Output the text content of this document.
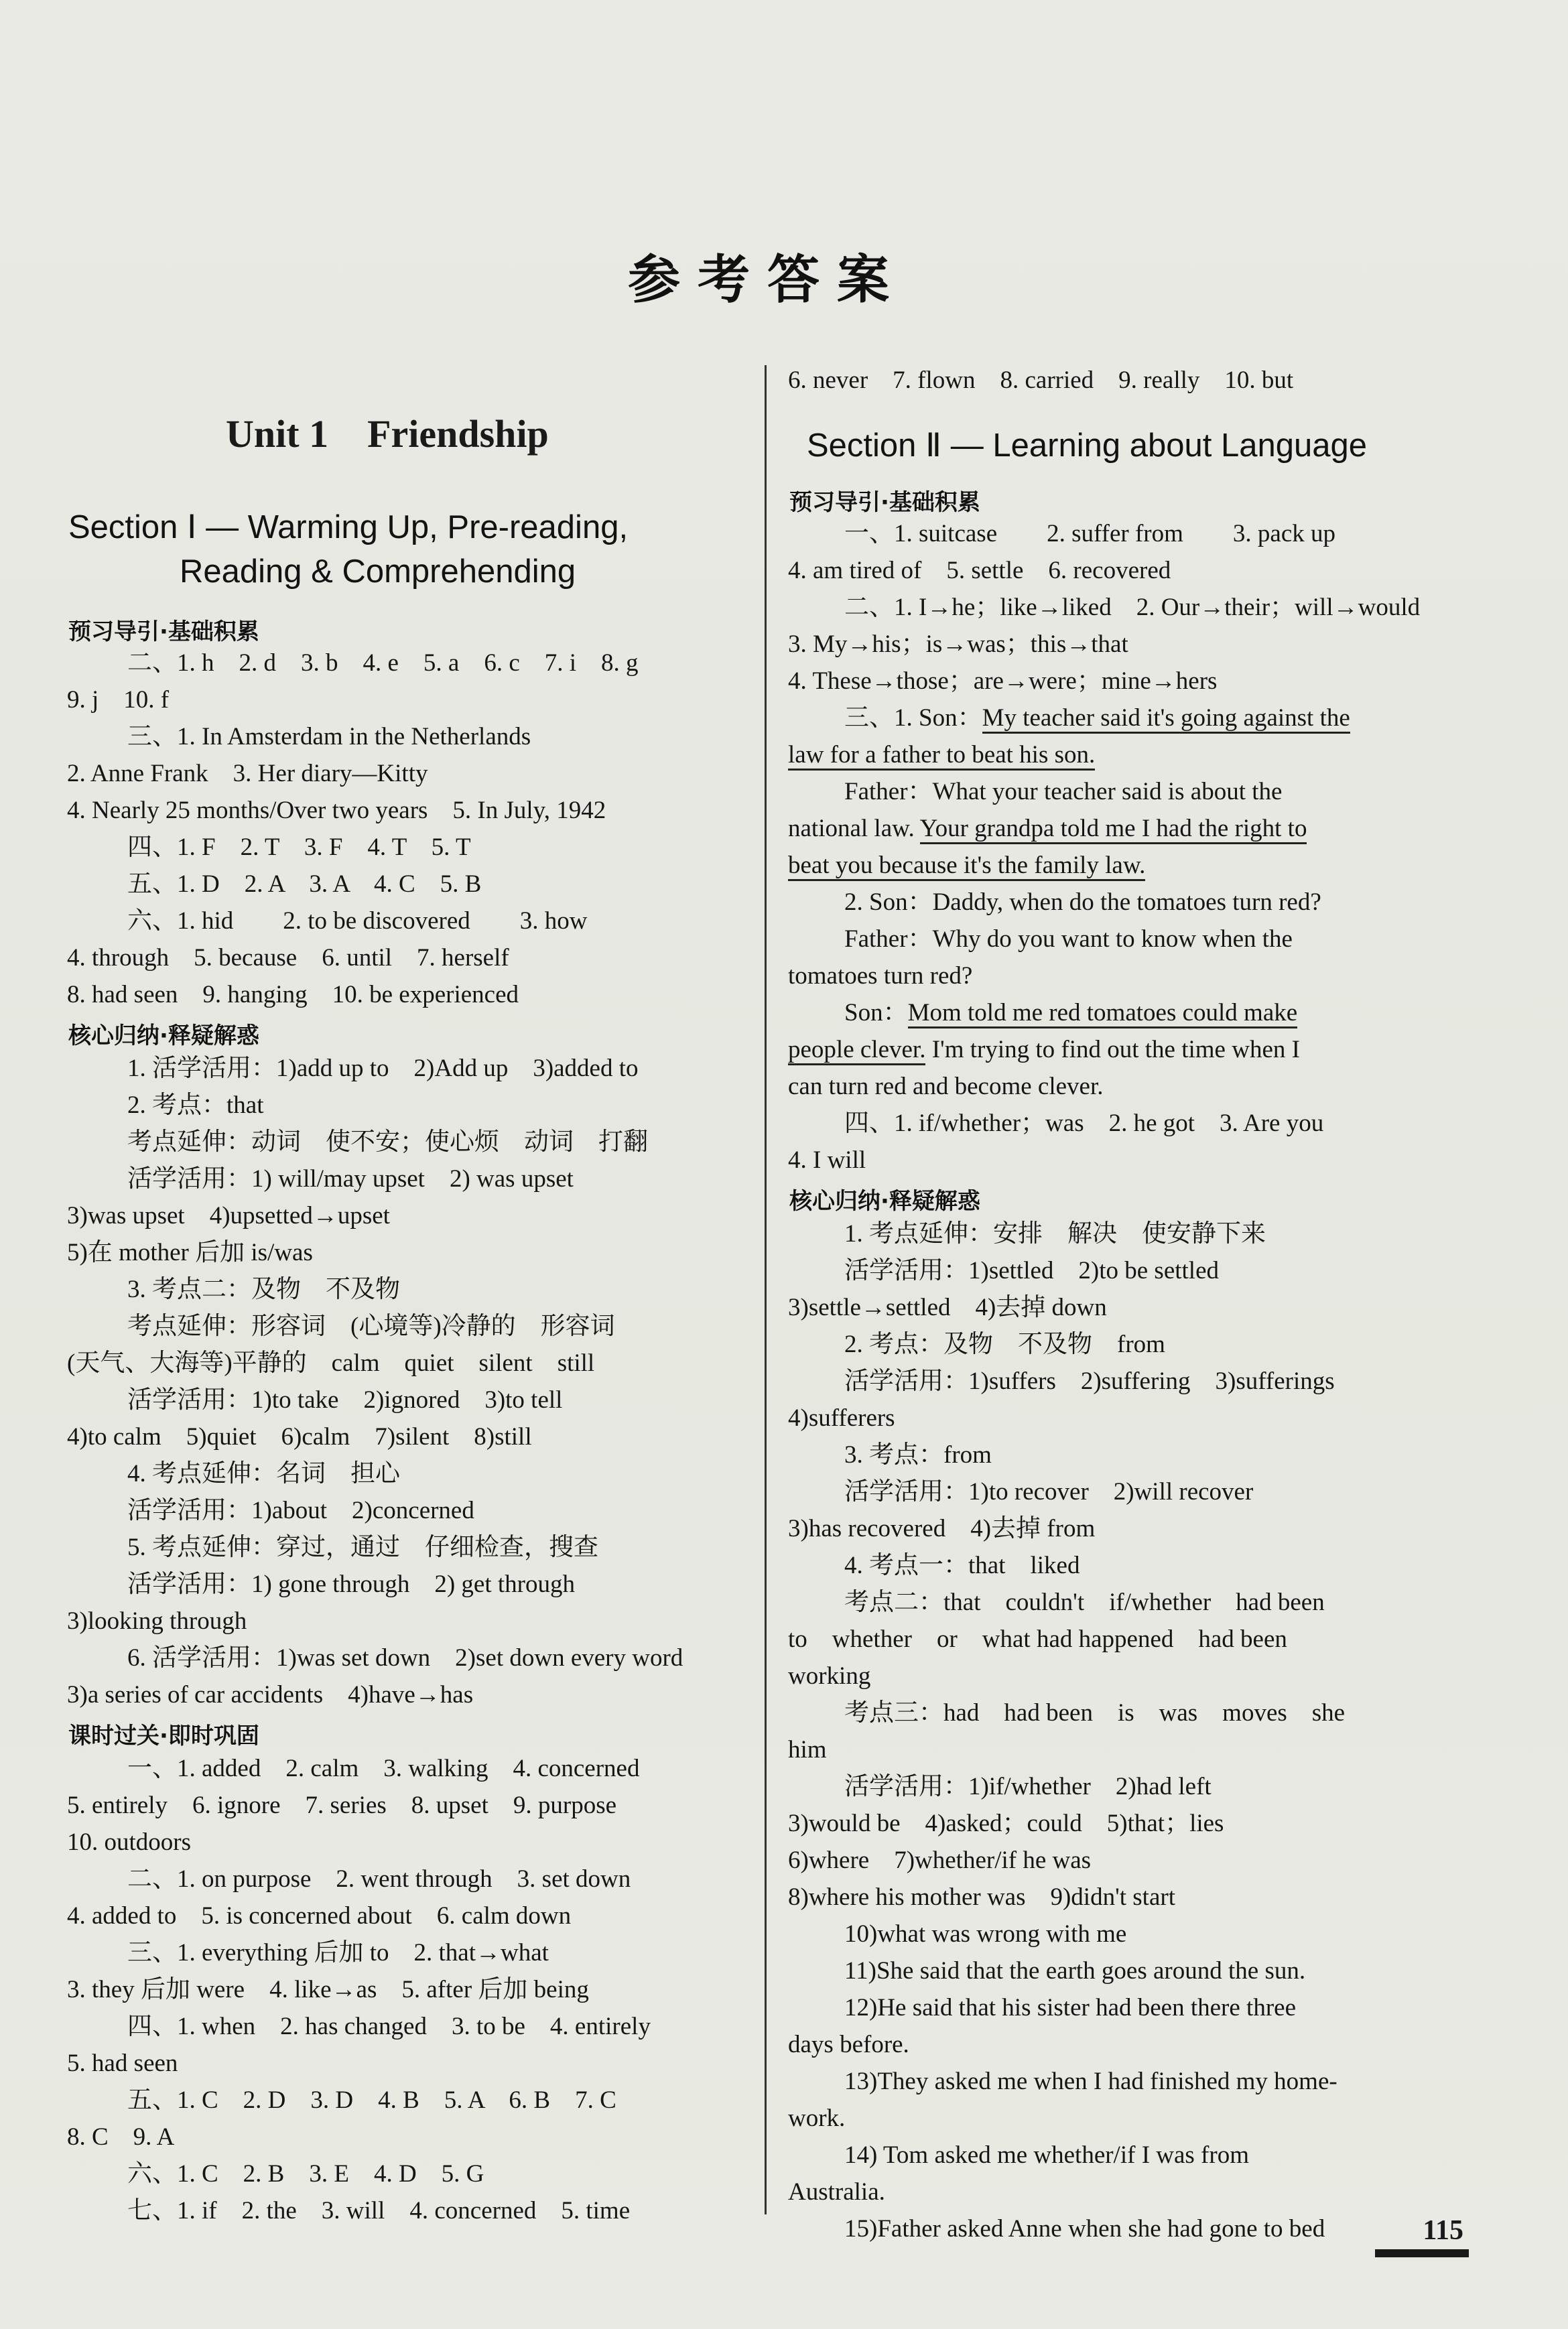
参考答案
Unit 1　Friendship
Section Ⅰ — Warming Up, Pre-reading,
Reading & Comprehending
预习导引·基础积累
二、1. h　2. d　3. b　4. e　5. a　6. c　7. i　8. g
9. j　10. f
三、1. In Amsterdam in the Netherlands
2. Anne Frank　3. Her diary—Kitty
4. Nearly 25 months/Over two years　5. In July, 1942
四、1. F　2. T　3. F　4. T　5. T
五、1. D　2. A　3. A　4. C　5. B
六、1. hid　　2. to be discovered　　3. how
4. through　5. because　6. until　7. herself
8. had seen　9. hanging　10. be experienced
核心归纳·释疑解惑
1. 活学活用：1)add up to　2)Add up　3)added to
2. 考点：that
考点延伸：动词　使不安；使心烦　动词　打翻
活学活用：1) will/may upset　2) was upset
3)was upset　4)upsetted→upset
5)在 mother 后加 is/was
3. 考点二：及物　不及物
考点延伸：形容词　(心境等)冷静的　形容词
(天气、大海等)平静的　calm　quiet　silent　still
活学活用：1)to take　2)ignored　3)to tell
4)to calm　5)quiet　6)calm　7)silent　8)still
4. 考点延伸：名词　担心
活学活用：1)about　2)concerned
5. 考点延伸：穿过，通过　仔细检查，搜查
活学活用：1) gone through　2) get through
3)looking through
6. 活学活用：1)was set down　2)set down every word
3)a series of car accidents　4)have→has
课时过关·即时巩固
一、1. added　2. calm　3. walking　4. concerned
5. entirely　6. ignore　7. series　8. upset　9. purpose
10. outdoors
二、1. on purpose　2. went through　3. set down
4. added to　5. is concerned about　6. calm down
三、1. everything 后加 to　2. that→what
3. they 后加 were　4. like→as　5. after 后加 being
四、1. when　2. has changed　3. to be　4. entirely
5. had seen
五、1. C　2. D　3. D　4. B　5. A　6. B　7. C
8. C　9. A
六、1. C　2. B　3. E　4. D　5. G
七、1. if　2. the　3. will　4. concerned　5. time
6. never　7. flown　8. carried　9. really　10. but
Section Ⅱ — Learning about Language
预习导引·基础积累
一、1. suitcase　　2. suffer from　　3. pack up
4. am tired of　5. settle　6. recovered
二、1. I→he；like→liked　2. Our→their；will→would
3. My→his；is→was；this→that
4. These→those；are→were；mine→hers
三、1. Son：My teacher said it's going against the
law for a father to beat his son.
Father：What your teacher said is about the
national law. Your grandpa told me I had the right to
beat you because it's the family law.
2. Son：Daddy, when do the tomatoes turn red?
Father：Why do you want to know when the
tomatoes turn red?
Son：Mom told me red tomatoes could make
people clever. I'm trying to find out the time when I
can turn red and become clever.
四、1. if/whether；was　2. he got　3. Are you
4. I will
核心归纳·释疑解惑
1. 考点延伸：安排　解决　使安静下来
活学活用：1)settled　2)to be settled
3)settle→settled　4)去掉 down
2. 考点：及物　不及物　from
活学活用：1)suffers　2)suffering　3)sufferings
4)sufferers
3. 考点：from
活学活用：1)to recover　2)will recover
3)has recovered　4)去掉 from
4. 考点一：that　liked
考点二：that　couldn't　if/whether　had been
to　whether　or　what had happened　had been
working
考点三：had　had been　is　was　moves　she
him
活学活用：1)if/whether　2)had left
3)would be　4)asked；could　5)that；lies
6)where　7)whether/if he was
8)where his mother was　9)didn't start
10)what was wrong with me
11)She said that the earth goes around the sun.
12)He said that his sister had been there three
days before.
13)They asked me when I had finished my home-
work.
14) Tom asked me whether/if I was from
Australia.
15)Father asked Anne when she had gone to bed	115
